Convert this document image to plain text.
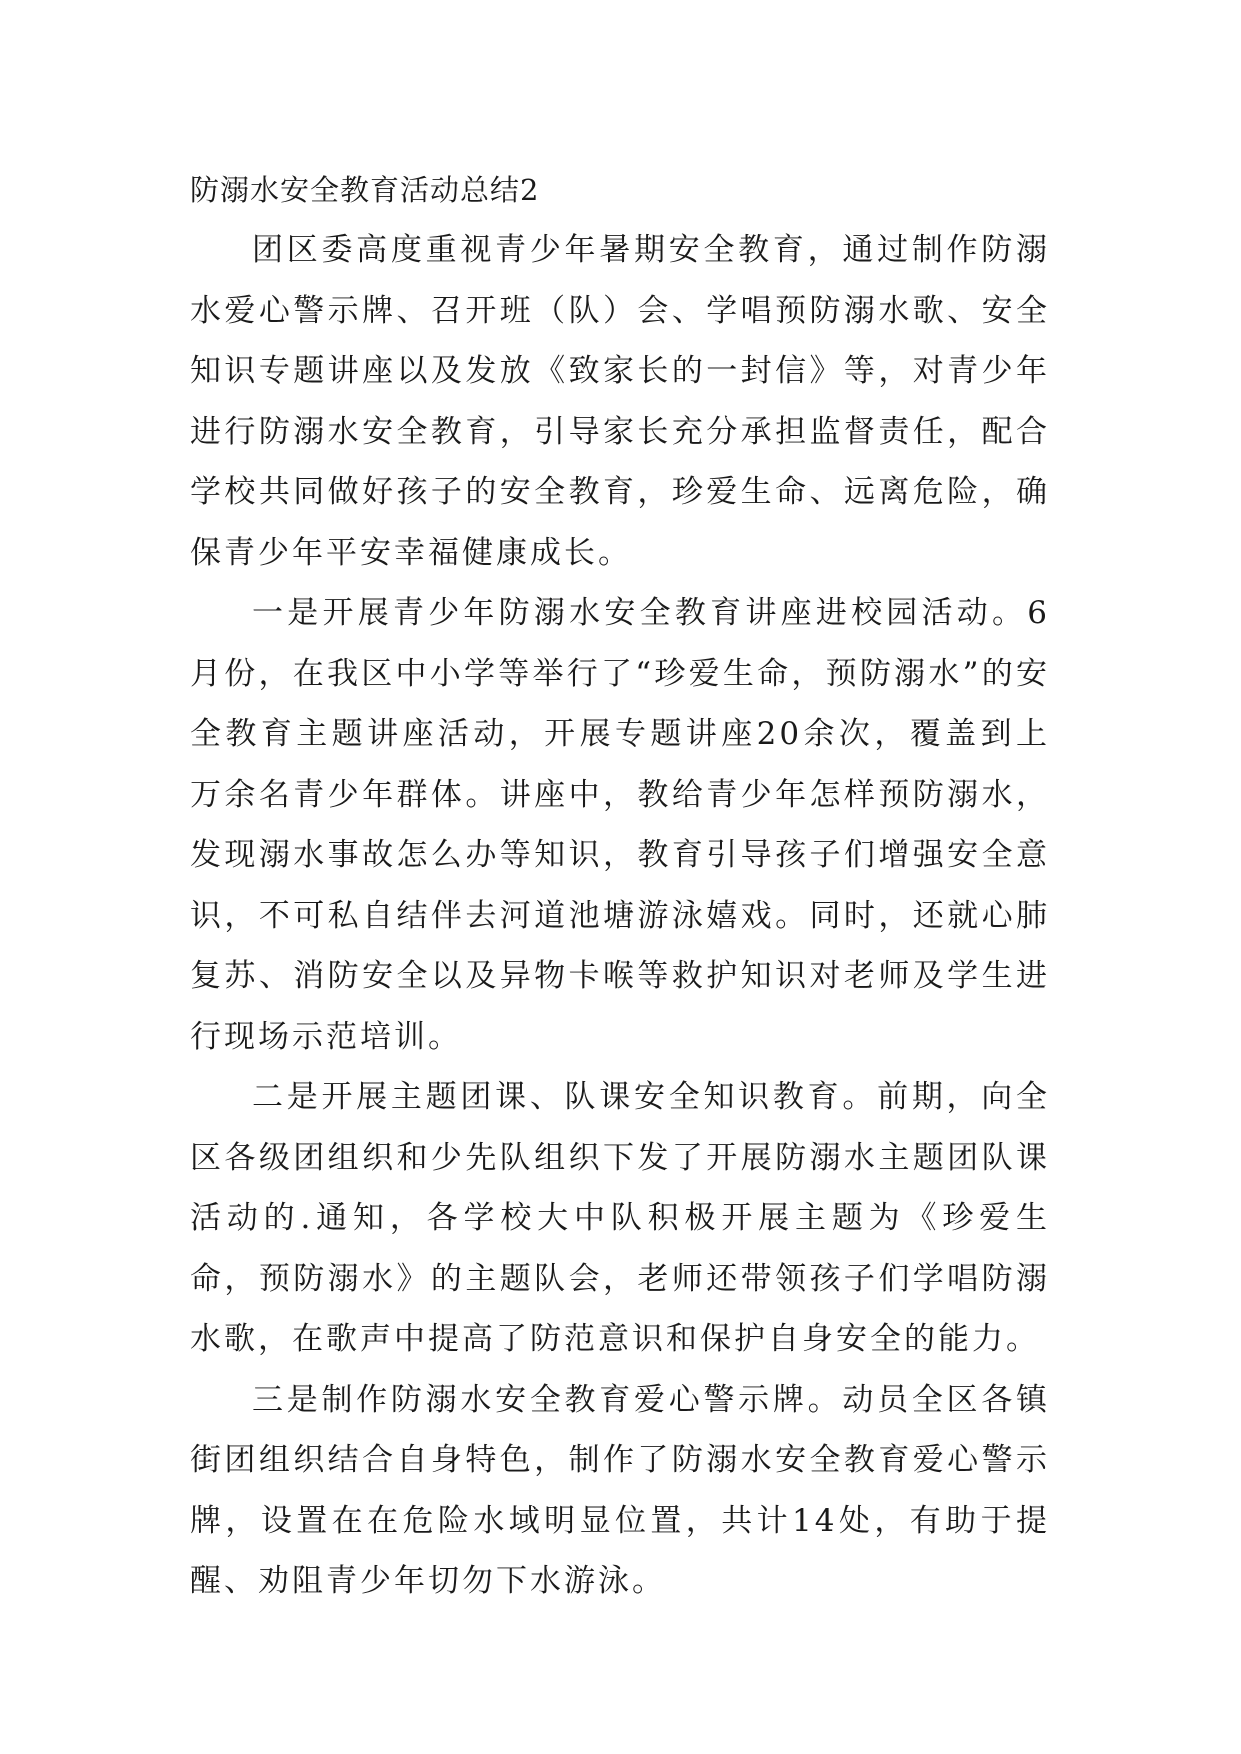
防溺水安全教育活动总结2

团区委高度重视青少年暑期安全教育，通过制作防溺水爱心警示牌、召开班（队）会、学唱预防溺水歌、安全知识专题讲座以及发放《致家长的一封信》等，对青少年进行防溺水安全教育，引导家长充分承担监督责任，配合学校共同做好孩子的安全教育，珍爱生命、远离危险，确保青少年平安幸福健康成长。

一是开展青少年防溺水安全教育讲座进校园活动。6月份，在我区中小学等举行了“珍爱生命，预防溺水”的安全教育主题讲座活动，开展专题讲座20余次，覆盖到上万余名青少年群体。讲座中，教给青少年怎样预防溺水，发现溺水事故怎么办等知识，教育引导孩子们增强安全意识，不可私自结伴去河道池塘游泳嬉戏。同时，还就心肺复苏、消防安全以及异物卡喉等救护知识对老师及学生进行现场示范培训。

二是开展主题团课、队课安全知识教育。前期，向全区各级团组织和少先队组织下发了开展防溺水主题团队课活动的.通知，各学校大中队积极开展主题为《珍爱生命，预防溺水》的主题队会，老师还带领孩子们学唱防溺水歌，在歌声中提高了防范意识和保护自身安全的能力。

三是制作防溺水安全教育爱心警示牌。动员全区各镇街团组织结合自身特色，制作了防溺水安全教育爱心警示牌，设置在在危险水域明显位置，共计14处，有助于提醒、劝阻青少年切勿下水游泳。
